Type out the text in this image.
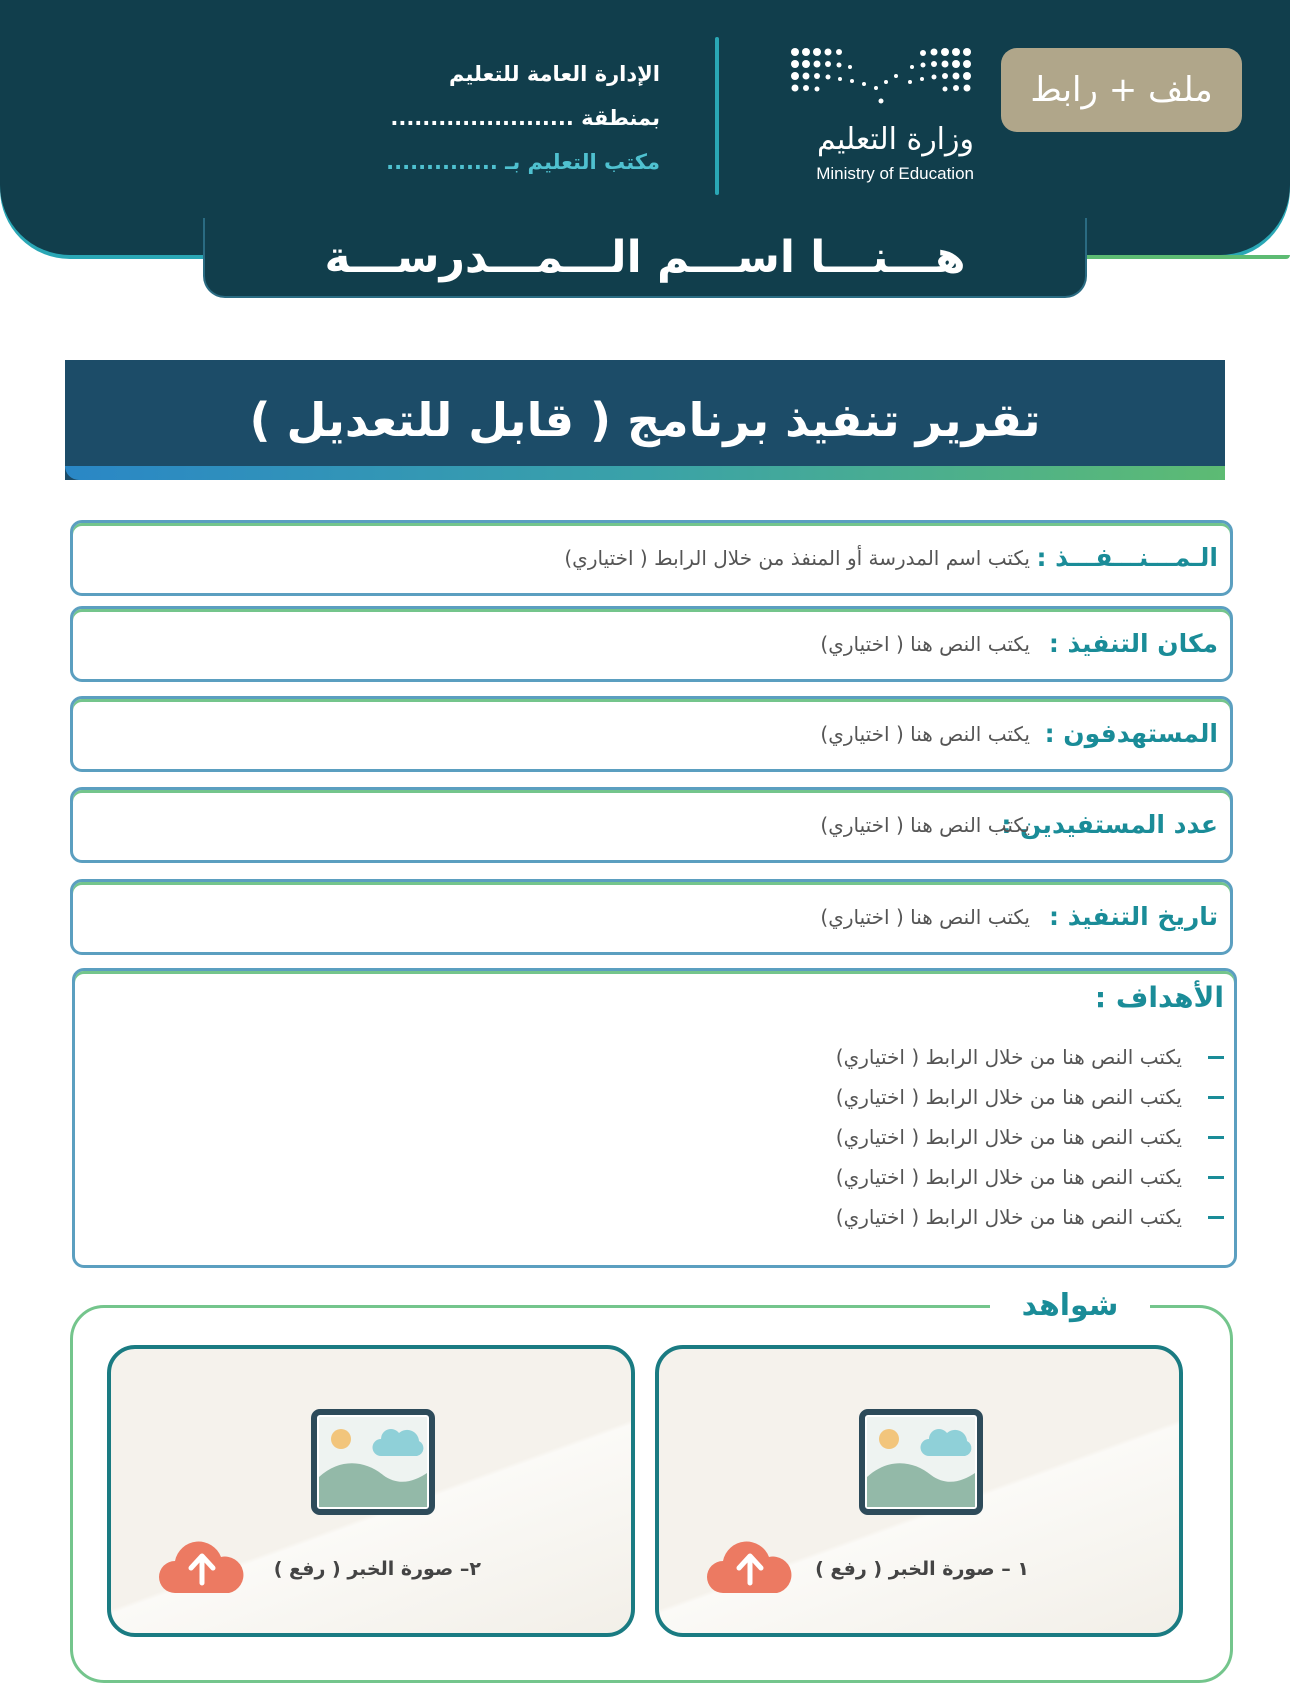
ملف + رابط
وزارة التعليم
Ministry of Education
الإدارة العامة للتعليم
بمنطقة .......................
مكتب التعليم بـ ..............
هـــنـــا اســـم الـــمـــدرســـة
تقرير تنفيذ برنامج ( قابل للتعديل )
الـمـــنـــفـــذ :
يكتب اسم المدرسة أو المنفذ من خلال الرابط ( اختياري)
مكان التنفيذ :
يكتب النص هنا ( اختياري)
المستهدفون :
يكتب النص هنا ( اختياري)
عدد المستفيدين :
يكتب النص هنا ( اختياري)
تاريخ التنفيذ :
يكتب النص هنا ( اختياري)
الأهداف :
يكتب النص هنا من خلال الرابط ( اختياري)
يكتب النص هنا من خلال الرابط ( اختياري)
يكتب النص هنا من خلال الرابط ( اختياري)
يكتب النص هنا من خلال الرابط ( اختياري)
يكتب النص هنا من خلال الرابط ( اختياري)
شواهد
١ – صورة الخبر ( رفع )
٢– صورة الخبر ( رفع )
